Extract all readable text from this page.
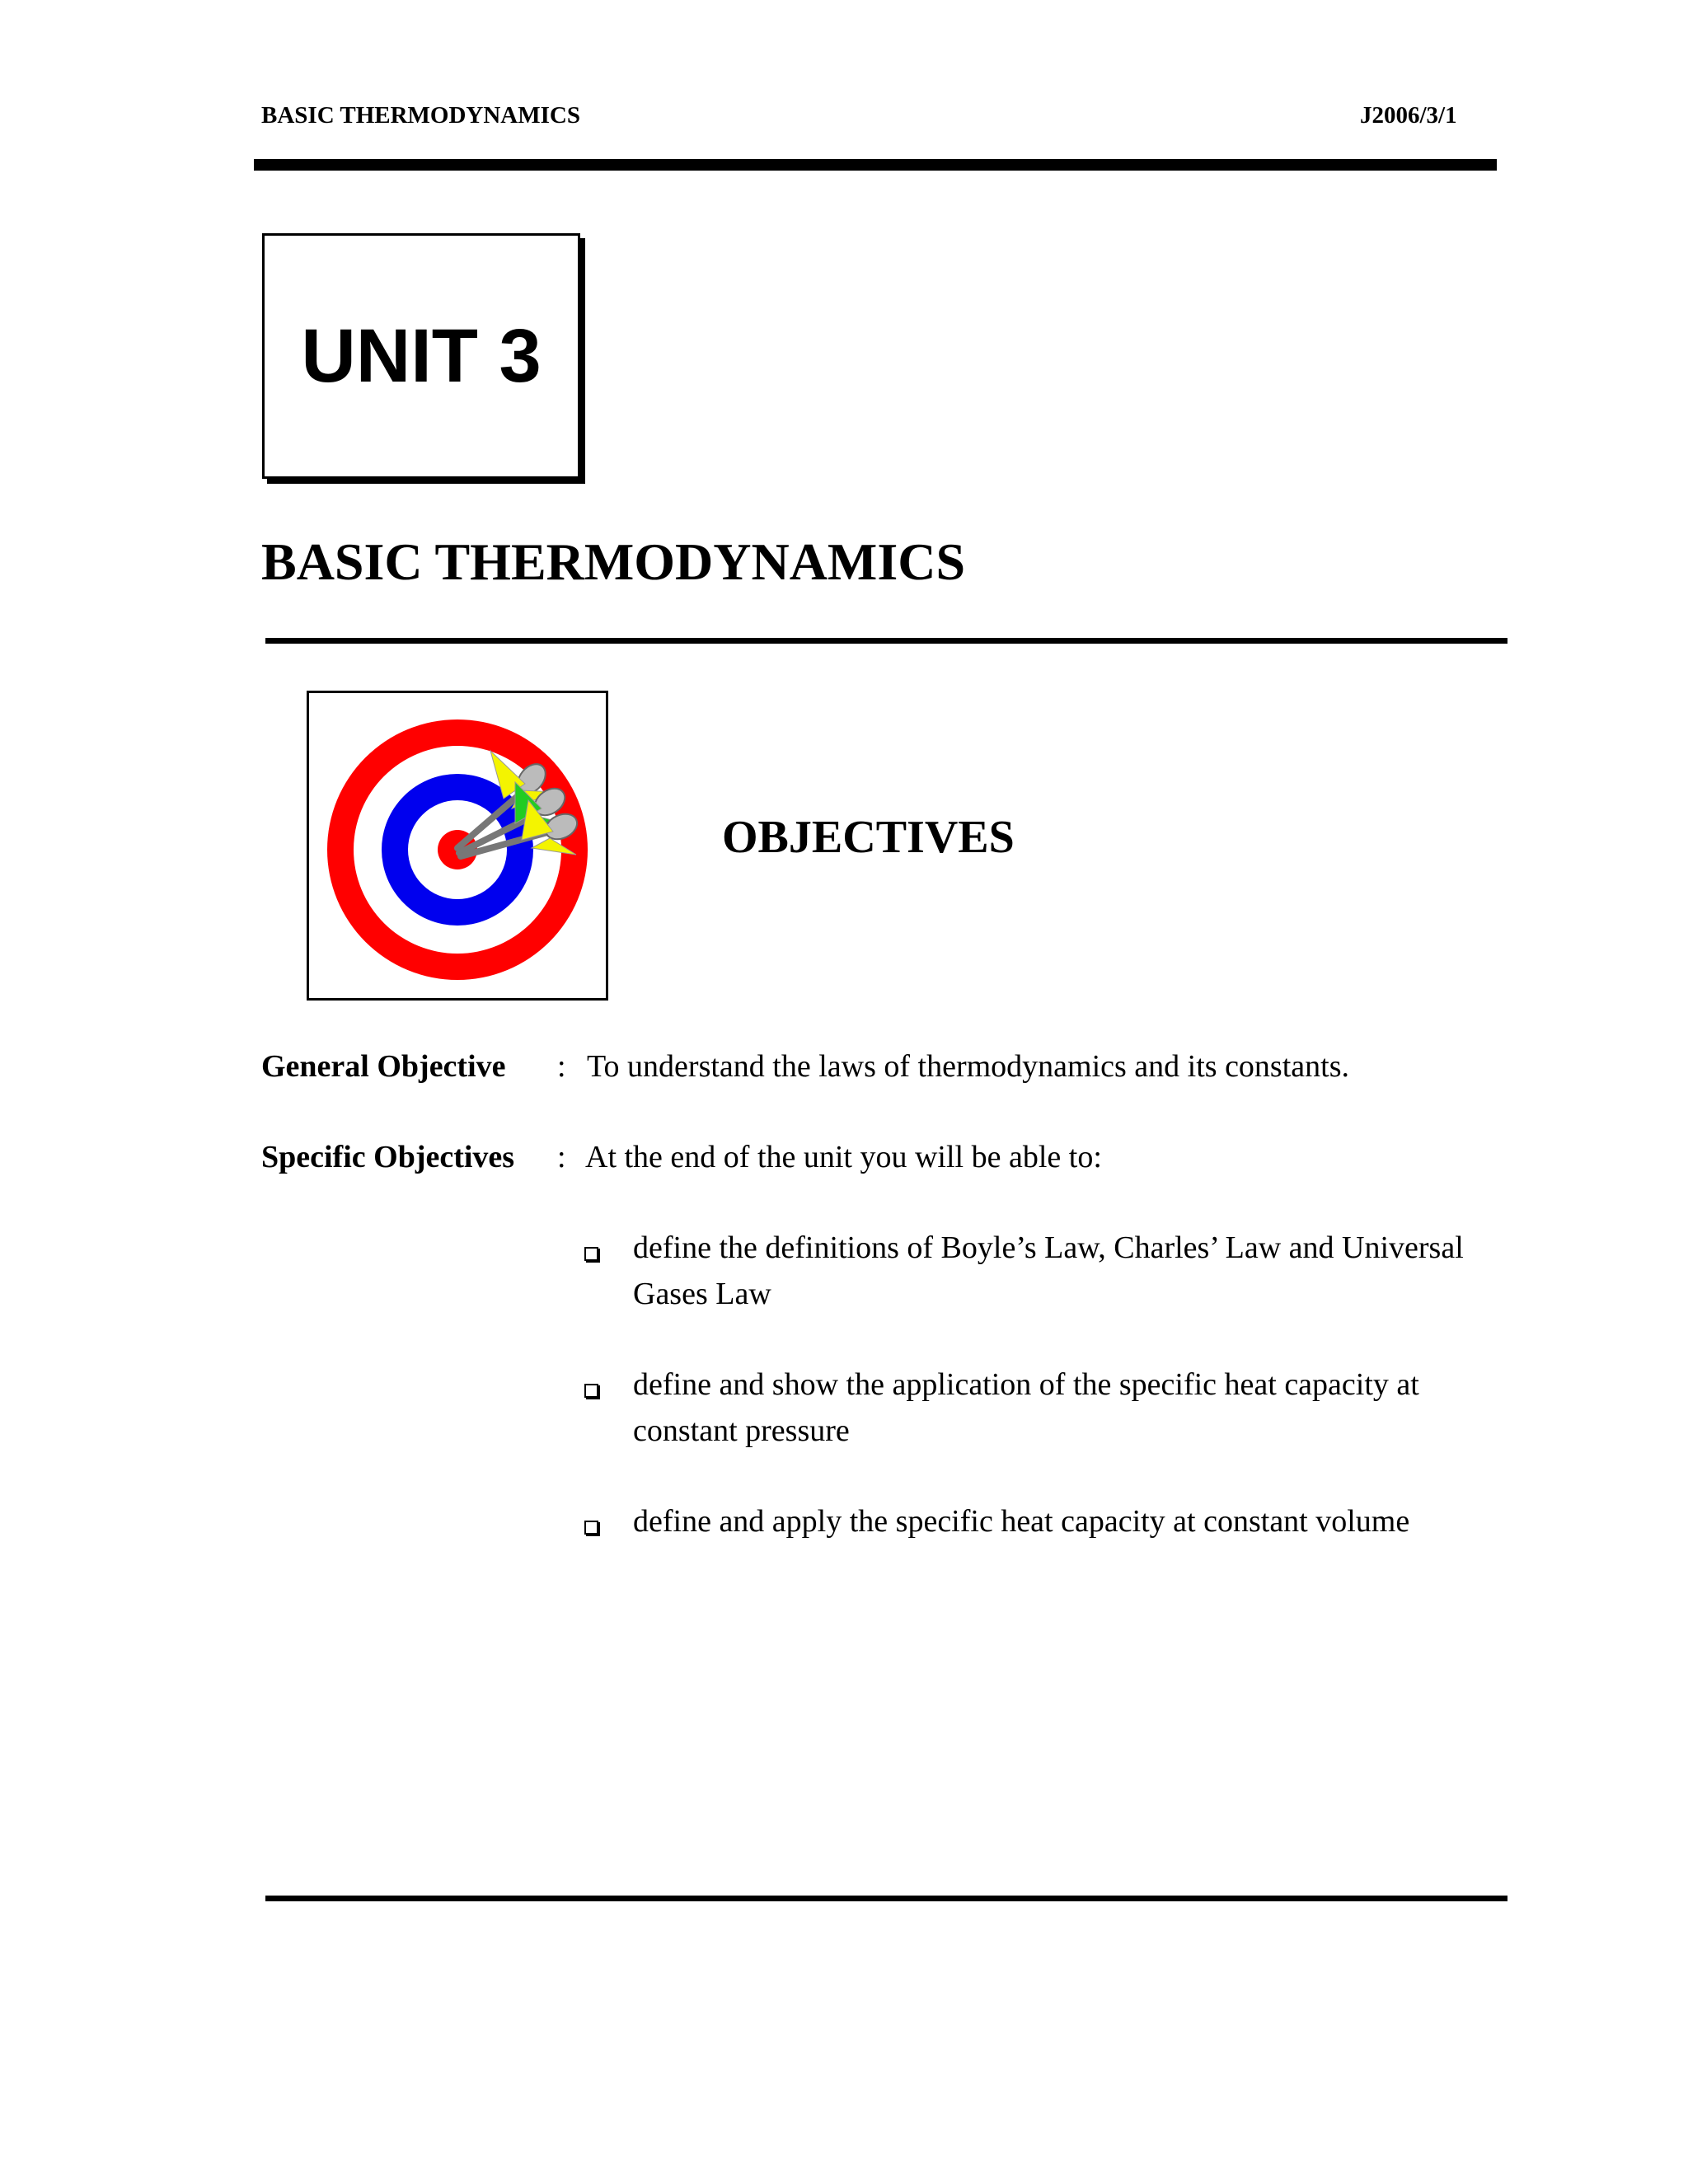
BASIC THERMODYNAMICS	J2006/3/1
UNIT 3
BASIC THERMODYNAMICS
OBJECTIVES
General Objective : To understand the laws of thermodynamics and its constants.
Specific Objectives : At the end of the unit you will be able to:
define the definitions of Boyle’s Law, Charles’ Law and Universal Gases Law
define and show the application of the specific heat capacity at constant pressure
define and apply the specific heat capacity at constant volume
